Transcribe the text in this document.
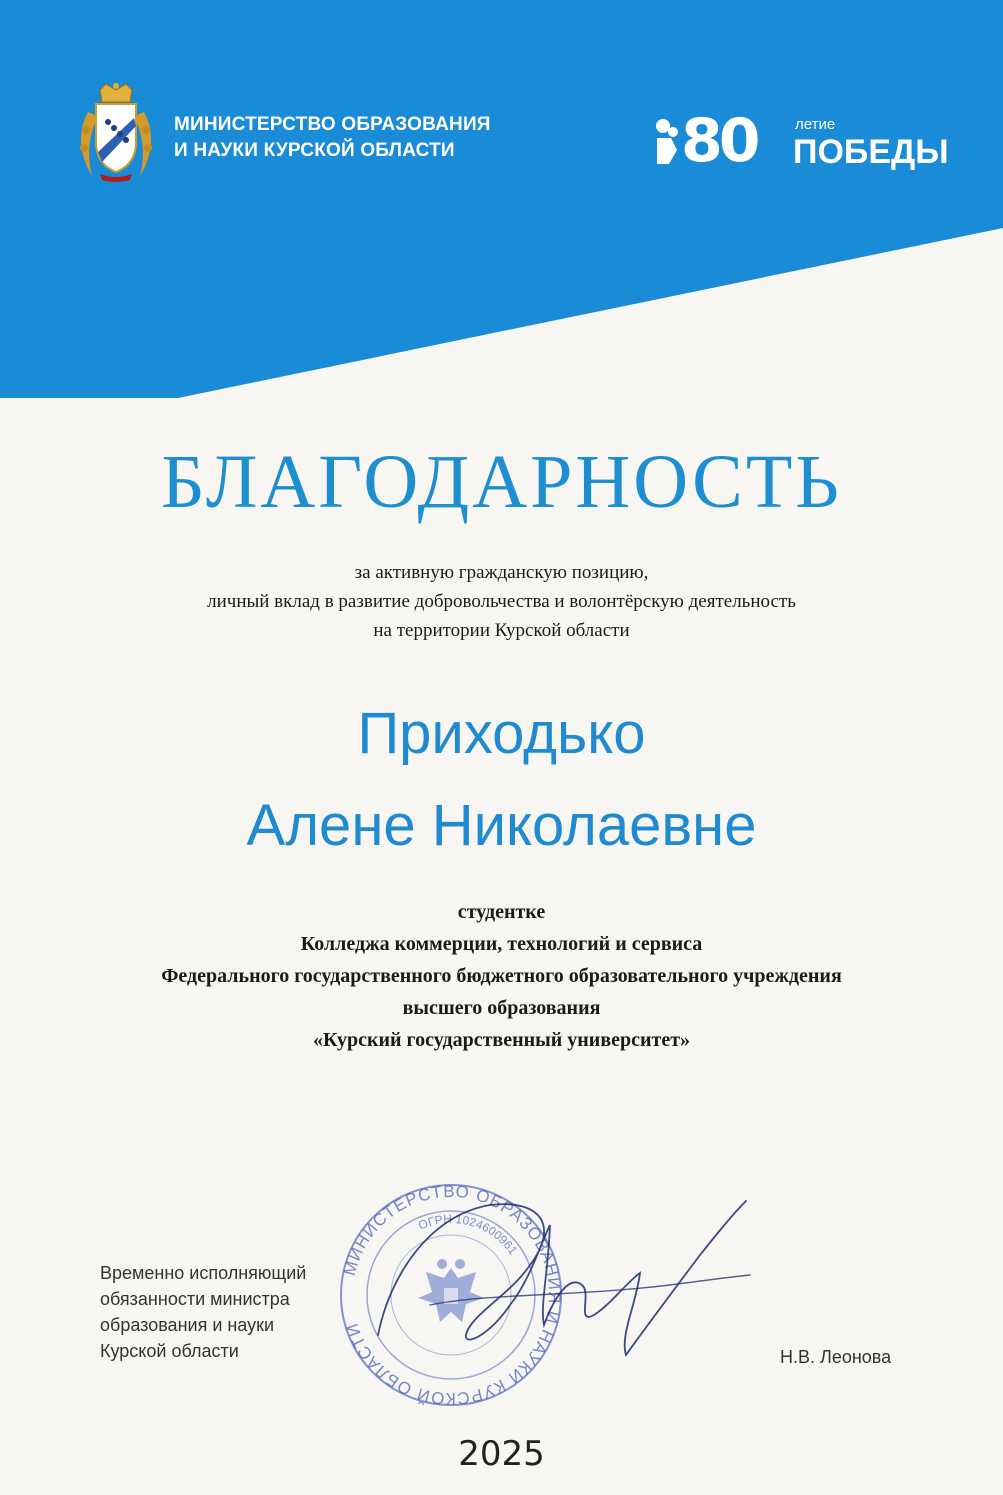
МИНИСТЕРСТВО ОБРАЗОВАНИЯ
И НАУКИ КУРСКОЙ ОБЛАСТИ	80	летие
ПОБЕДЫ
БЛАГОДАРНОСТЬ
за активную гражданскую позицию,
личный вклад в развитие добровольчества и волонтёрскую деятельность
на территории Курской области
Приходько
Алене Николаевне
студентке
Колледжа коммерции, технологий и сервиса
Федерального государственного бюджетного образовательного учреждения
высшего образования
«Курский государственный университет»
Временно исполняющий
обязанности министра
образования и науки
Курской области
МИНИСТЕРСТВО ОБРАЗОВАНИЯ И НАУКИ КУРСКОЙ ОБЛАСТИ
ОГРН 1024600961
Н.В. Леонова
2025
